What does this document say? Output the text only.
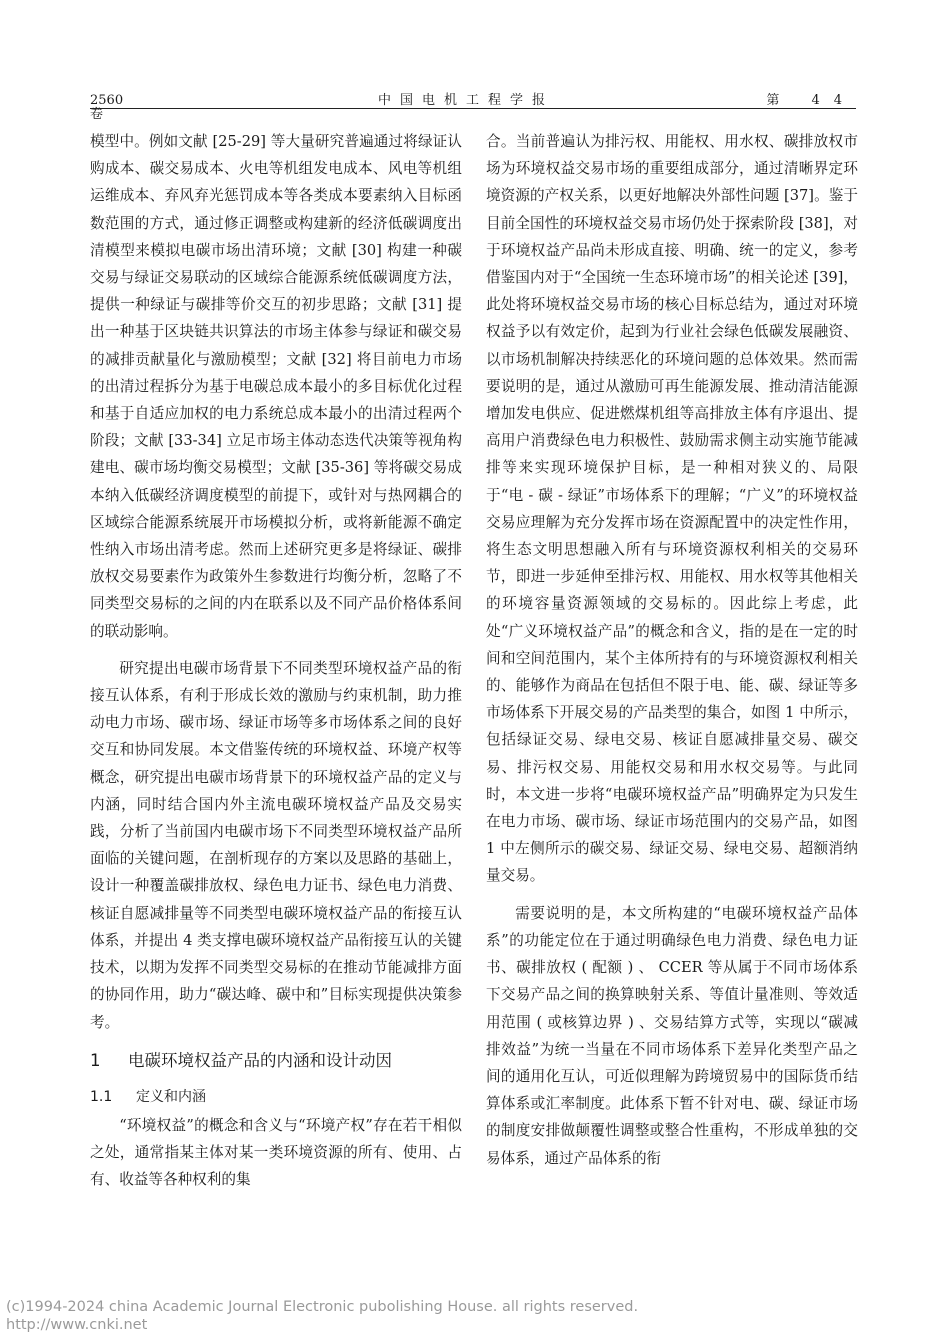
2560
卷
中国电机工程学报	第 44

模型中。例如文献 [25-29] 等大量研究普遍通过将绿证认购成本、碳交易成本、火电等机组发电成本、风电等机组运维成本、弃风弃光惩罚成本等各类成本要素纳入目标函数范围的方式，通过修正调整或构建新的经济低碳调度出清模型来模拟电碳市场出清环境；文献 [30] 构建一种碳交易与绿证交易联动的区域综合能源系统低碳调度方法，提供一种绿证与碳排等价交互的初步思路；文献 [31] 提出一种基于区块链共识算法的市场主体参与绿证和碳交易的减排贡献量化与激励模型；文献 [32] 将目前电力市场的出清过程拆分为基于电碳总成本最小的多目标优化过程和基于自适应加权的电力系统总成本最小的出清过程两个阶段；文献 [33-34] 立足市场主体动态迭代决策等视角构建电、碳市场均衡交易模型；文献 [35-36] 等将碳交易成本纳入低碳经济调度模型的前提下，或针对与热网耦合的区域综合能源系统展开市场模拟分析，或将新能源不确定性纳入市场出清考虑。然而上述研究更多是将绿证、碳排放权交易要素作为政策外生参数进行均衡分析，忽略了不同类型交易标的之间的内在联系以及不同产品价格体系间的联动影响。

研究提出电碳市场背景下不同类型环境权益产品的衔接互认体系，有利于形成长效的激励与约束机制，助力推动电力市场、碳市场、绿证市场等多市场体系之间的良好交互和协同发展。本文借鉴传统的环境权益、环境产权等概念，研究提出电碳市场背景下的环境权益产品的定义与内涵，同时结合国内外主流电碳环境权益产品及交易实践，分析了当前国内电碳市场下不同类型环境权益产品所面临的关键问题，在剖析现存的方案以及思路的基础上，设计一种覆盖碳排放权、绿色电力证书、绿色电力消费、核证自愿减排量等不同类型电碳环境权益产品的衔接互认体系，并提出 4 类支撑电碳环境权益产品衔接互认的关键技术，以期为发挥不同类型交易标的在推动节能减排方面的协同作用，助力“碳达峰、碳中和”目标实现提供决策参考。

1 电碳环境权益产品的内涵和设计动因
1.1 定义和内涵

“环境权益”的概念和含义与“环境产权”存在若干相似之处，通常指某主体对某一类环境资源的所有、使用、占有、收益等各种权利的集

合。当前普遍认为排污权、用能权、用水权、碳排放权市场为环境权益交易市场的重要组成部分，通过清晰界定环境资源的产权关系，以更好地解决外部性问题 [37]。鉴于目前全国性的环境权益交易市场仍处于探索阶段 [38]，对于环境权益产品尚未形成直接、明确、统一的定义，参考借鉴国内对于“全国统一生态环境市场”的相关论述 [39]，此处将环境权益交易市场的核心目标总结为，通过对环境权益予以有效定价，起到为行业社会绿色低碳发展融资、以市场机制解决持续恶化的环境问题的总体效果。然而需要说明的是，通过从激励可再生能源发展、推动清洁能源增加发电供应、促进燃煤机组等高排放主体有序退出、提高用户消费绿色电力积极性、鼓励需求侧主动实施节能减排等来实现环境保护目标，是一种相对狭义的、局限于“电 - 碳 - 绿证”市场体系下的理解；“广义”的环境权益交易应理解为充分发挥市场在资源配置中的决定性作用，将生态文明思想融入所有与环境资源权利相关的交易环节，即进一步延伸至排污权、用能权、用水权等其他相关的环境容量资源领域的交易标的。因此综上考虑，此处“广义环境权益产品”的概念和含义，指的是在一定的时间和空间范围内，某个主体所持有的与环境资源权利相关的、能够作为商品在包括但不限于电、能、碳、绿证等多市场体系下开展交易的产品类型的集合，如图 1 中所示，包括绿证交易、绿电交易、核证自愿减排量交易、碳交易、排污权交易、用能权交易和用水权交易等。与此同时，本文进一步将“电碳环境权益产品”明确界定为只发生在电力市场、碳市场、绿证市场范围内的交易产品，如图 1 中左侧所示的碳交易、绿证交易、绿电交易、超额消纳量交易。

需要说明的是，本文所构建的“电碳环境权益产品体系”的功能定位在于通过明确绿色电力消费、绿色电力证书、碳排放权 ( 配额 ) 、 CCER 等从属于不同市场体系下交易产品之间的换算映射关系、等值计量准则、等效适用范围 ( 或核算边界 ) 、交易结算方式等，实现以“碳减排效益”为统一当量在不同市场体系下差异化类型产品之间的通用化互认，可近似理解为跨境贸易中的国际货币结算体系或汇率制度。此体系下暂不针对电、碳、绿证市场的制度安排做颠覆性调整或整合性重构，不形成单独的交易体系，通过产品体系的衔

(c)1994-2024 china Academic Journal Electronic pubolishing House. all rights reserved.
http://www.cnki.net
